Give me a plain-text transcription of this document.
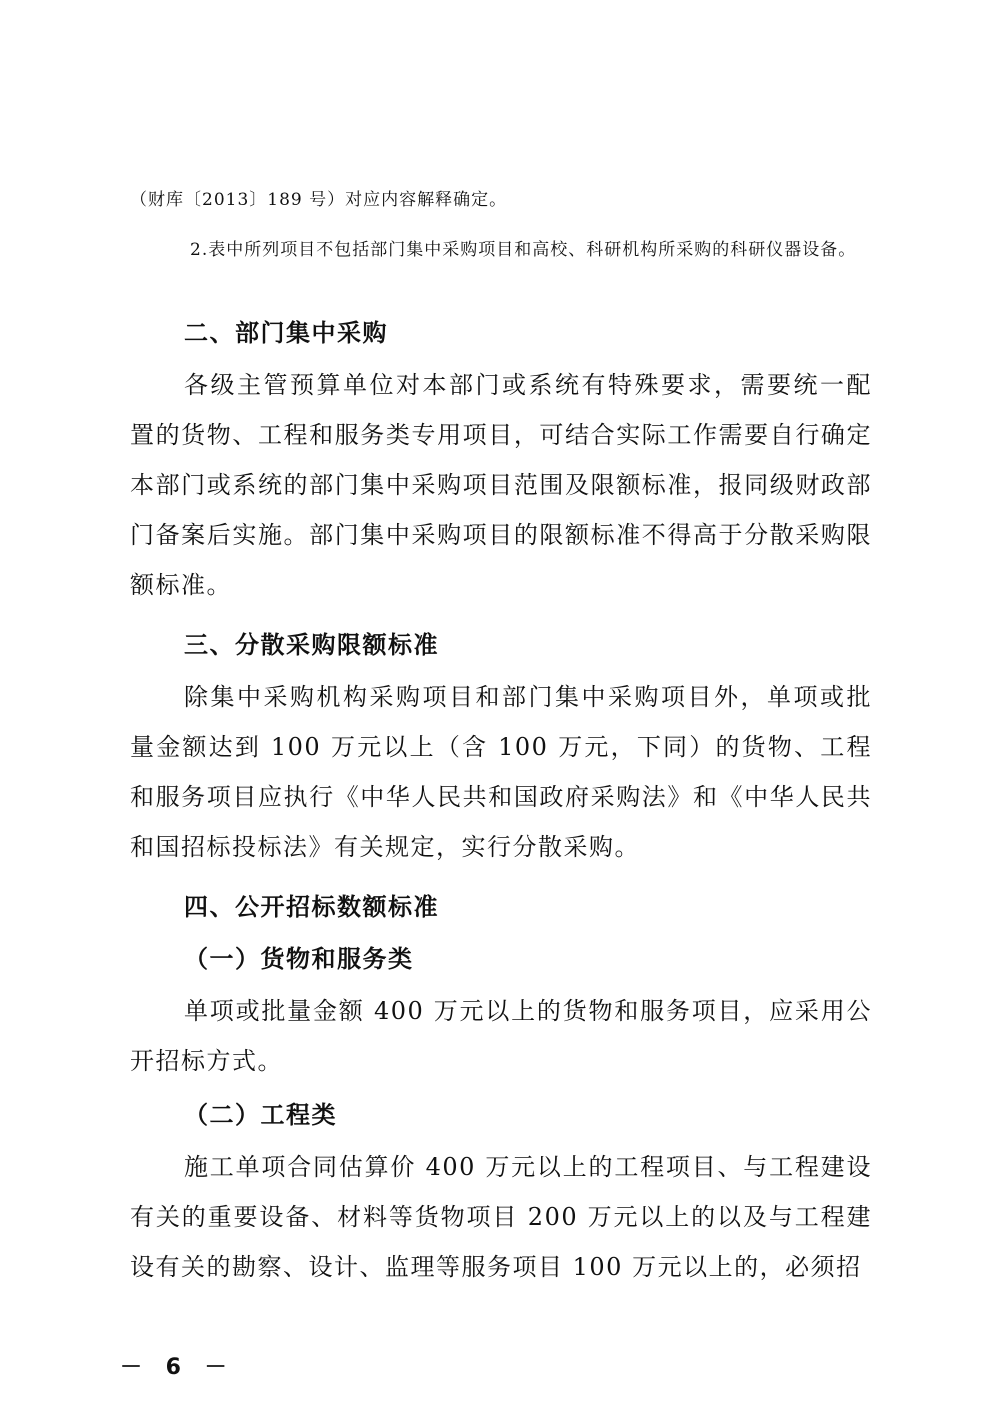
（财库〔2013〕189 号）对应内容解释确定。
2.表中所列项目不包括部门集中采购项目和高校、科研机构所采购的科研仪器设备。
二、部门集中采购
各级主管预算单位对本部门或系统有特殊要求，需要统一配置的货物、工程和服务类专用项目，可结合实际工作需要自行确定本部门或系统的部门集中采购项目范围及限额标准，报同级财政部门备案后实施。部门集中采购项目的限额标准不得高于分散采购限额标准。
三、分散采购限额标准
除集中采购机构采购项目和部门集中采购项目外，单项或批量金额达到 100 万元以上（含 100 万元，下同）的货物、工程和服务项目应执行《中华人民共和国政府采购法》和《中华人民共和国招标投标法》有关规定，实行分散采购。
四、公开招标数额标准
（一）货物和服务类
单项或批量金额 400 万元以上的货物和服务项目，应采用公开招标方式。
（二）工程类
施工单项合同估算价 400 万元以上的工程项目、与工程建设有关的重要设备、材料等货物项目 200 万元以上的以及与工程建设有关的勘察、设计、监理等服务项目 100 万元以上的，必须招
－ 6 －
